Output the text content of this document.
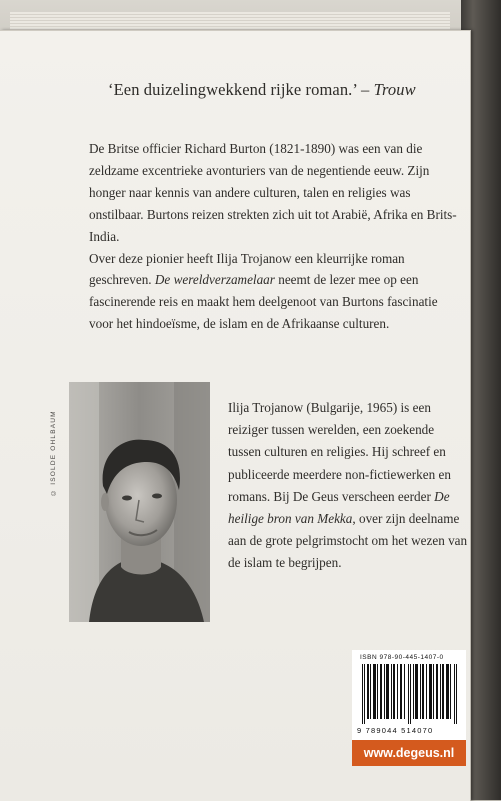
‘Een duizelingwekkend rijke roman.’ – Trouw

De Britse officier Richard Burton (1821-1890) was een van die zeldzame excentrieke avonturiers van de negentiende eeuw. Zijn honger naar kennis van andere culturen, talen en religies was onstilbaar. Burtons reizen strekten zich uit tot Arabië, Afrika en Brits-India.

Over deze pionier heeft Ilija Trojanow een kleurrijke roman geschreven. De wereldverzamelaar neemt de lezer mee op een fascinerende reis en maakt hem deelgenoot van Burtons fascinatie voor het hindoeïsme, de islam en de Afrikaanse culturen.

© ISOLDE OHLBAUM

Ilija Trojanow (Bulgarije, 1965) is een reiziger tussen werelden, een zoekende tussen culturen en religies. Hij schreef en publiceerde meerdere non-fictiewerken en romans. Bij De Geus verscheen eerder De heilige bron van Mekka, over zijn deelname aan de grote pelgrimstocht om het wezen van de islam te begrijpen.

ISBN 978-90-445-1407-0
9 789044 514070
www.degeus.nl
